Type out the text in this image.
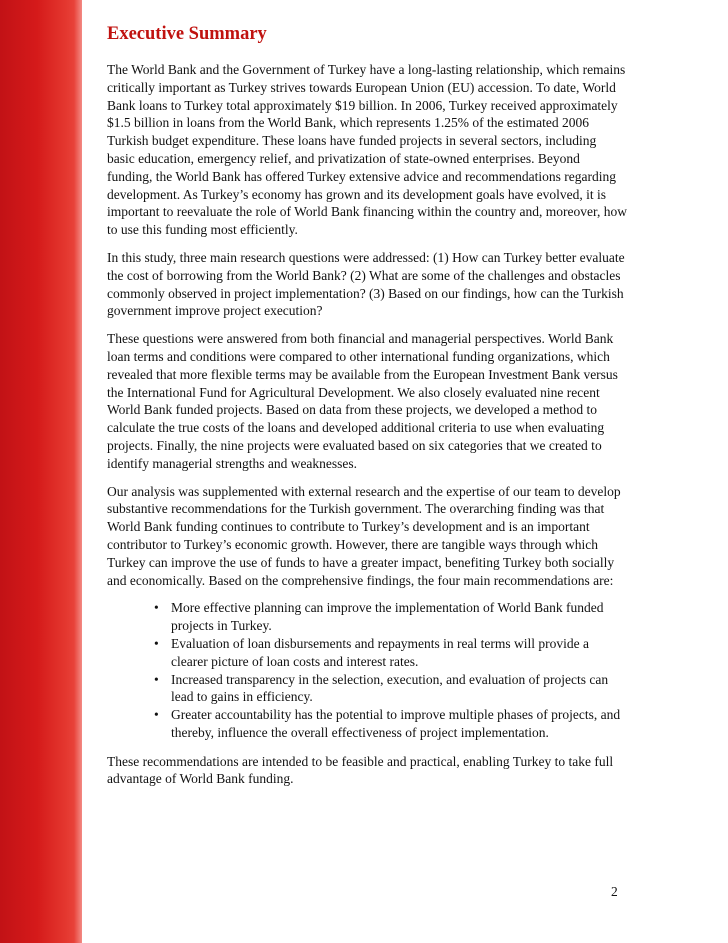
Executive Summary

The World Bank and the Government of Turkey have a long-lasting relationship, which remains critically important as Turkey strives towards European Union (EU) accession. To date, World Bank loans to Turkey total approximately $19 billion. In 2006, Turkey received approximately $1.5 billion in loans from the World Bank, which represents 1.25% of the estimated 2006 Turkish budget expenditure. These loans have funded projects in several sectors, including basic education, emergency relief, and privatization of state-owned enterprises. Beyond funding, the World Bank has offered Turkey extensive advice and recommendations regarding development. As Turkey’s economy has grown and its development goals have evolved, it is important to reevaluate the role of World Bank financing within the country and, moreover, how to use this funding most efficiently.

In this study, three main research questions were addressed: (1) How can Turkey better evaluate the cost of borrowing from the World Bank? (2) What are some of the challenges and obstacles commonly observed in project implementation? (3) Based on our findings, how can the Turkish government improve project execution?

These questions were answered from both financial and managerial perspectives. World Bank loan terms and conditions were compared to other international funding organizations, which revealed that more flexible terms may be available from the European Investment Bank versus the International Fund for Agricultural Development. We also closely evaluated nine recent World Bank funded projects. Based on data from these projects, we developed a method to calculate the true costs of the loans and developed additional criteria to use when evaluating projects. Finally, the nine projects were evaluated based on six categories that we created to identify managerial strengths and weaknesses.

Our analysis was supplemented with external research and the expertise of our team to develop substantive recommendations for the Turkish government. The overarching finding was that World Bank funding continues to contribute to Turkey’s development and is an important contributor to Turkey’s economic growth. However, there are tangible ways through which Turkey can improve the use of funds to have a greater impact, benefiting Turkey both socially and economically. Based on the comprehensive findings, the four main recommendations are:

• More effective planning can improve the implementation of World Bank funded projects in Turkey.
• Evaluation of loan disbursements and repayments in real terms will provide a clearer picture of loan costs and interest rates.
• Increased transparency in the selection, execution, and evaluation of projects can lead to gains in efficiency.
• Greater accountability has the potential to improve multiple phases of projects, and thereby, influence the overall effectiveness of project implementation.

These recommendations are intended to be feasible and practical, enabling Turkey to take full advantage of World Bank funding.

2
